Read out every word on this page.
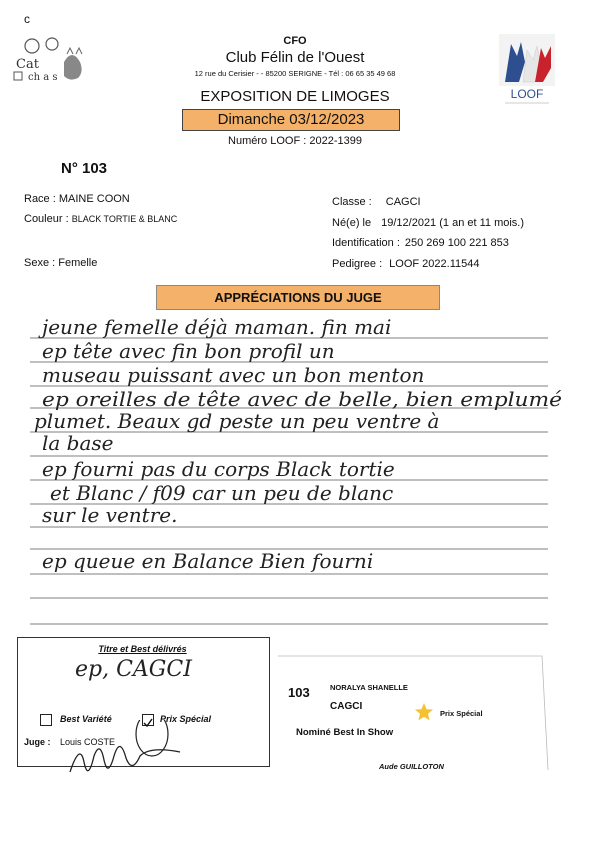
c
Cat
ch a s
LOOF
CFO
Club Félin de l'Ouest
12 rue du Cerisier - - 85200 SERIGNE - Tél : 06 65 35 49 68
EXPOSITION DE LIMOGES
Dimanche 03/12/2023
Numéro LOOF : 2022-1399
N° 103
Race : MAINE COON
Couleur : BLACK TORTIE & BLANC
Sexe : Femelle
Classe : CAGCI
Né(e) le 19/12/2021 (1 an et 11 mois.)
Identification : 250 269 100 221 853
Pedigree : LOOF 2022.11544
APPRÉCIATIONS DU JUGE
jeune femelle déjà maman. fin mai
ep tête avec fin bon profil un
museau puissant avec un bon menton
ep oreilles de tête avec de belle, bien emplumé
plumet. Beaux gd peste un peu ventre à
la base
ep fourni pas du corps Black tortie
et Blanc / f09 car un peu de blanc
sur le ventre.
ep queue en Balance Bien fourni
Titre et Best délivrés
ep, CAGCI
Best Variété	Prix Spécial
Juge : Louis COSTE
103	NORALYA SHANELLE
CAGCI
Prix Spécial
Nominé Best In Show
Aude GUILLOTON
